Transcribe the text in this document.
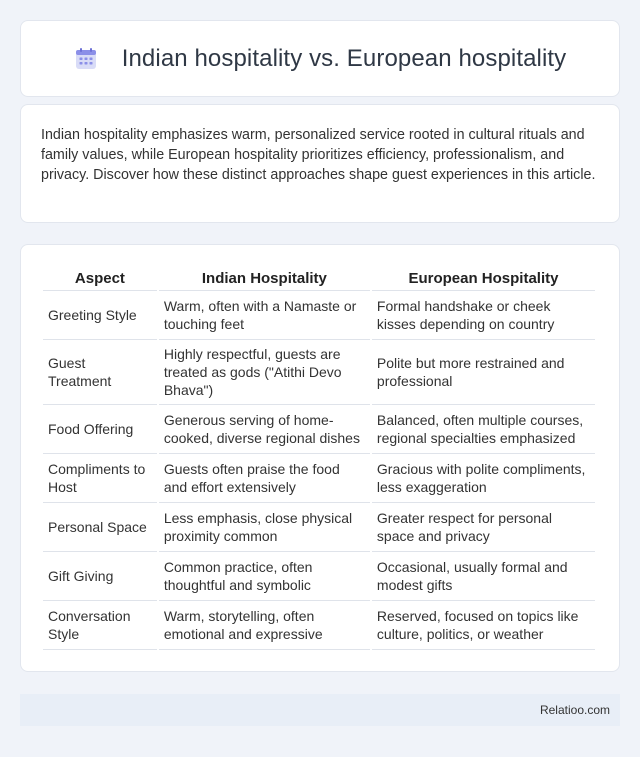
Indian hospitality vs. European hospitality

Indian hospitality emphasizes warm, personalized service rooted in cultural rituals and family values, while European hospitality prioritizes efficiency, professionalism, and privacy. Discover how these distinct approaches shape guest experiences in this article.

Aspect	Indian Hospitality	European Hospitality
Greeting Style	Warm, often with a Namaste or touching feet	Formal handshake or cheek kisses depending on country
Guest Treatment	Highly respectful, guests are treated as gods ("Atithi Devo Bhava")	Polite but more restrained and professional
Food Offering	Generous serving of home-cooked, diverse regional dishes	Balanced, often multiple courses, regional specialties emphasized
Compliments to Host	Guests often praise the food and effort extensively	Gracious with polite compliments, less exaggeration
Personal Space	Less emphasis, close physical proximity common	Greater respect for personal space and privacy
Gift Giving	Common practice, often thoughtful and symbolic	Occasional, usually formal and modest gifts
Conversation Style	Warm, storytelling, often emotional and expressive	Reserved, focused on topics like culture, politics, or weather
Relatioo.com
